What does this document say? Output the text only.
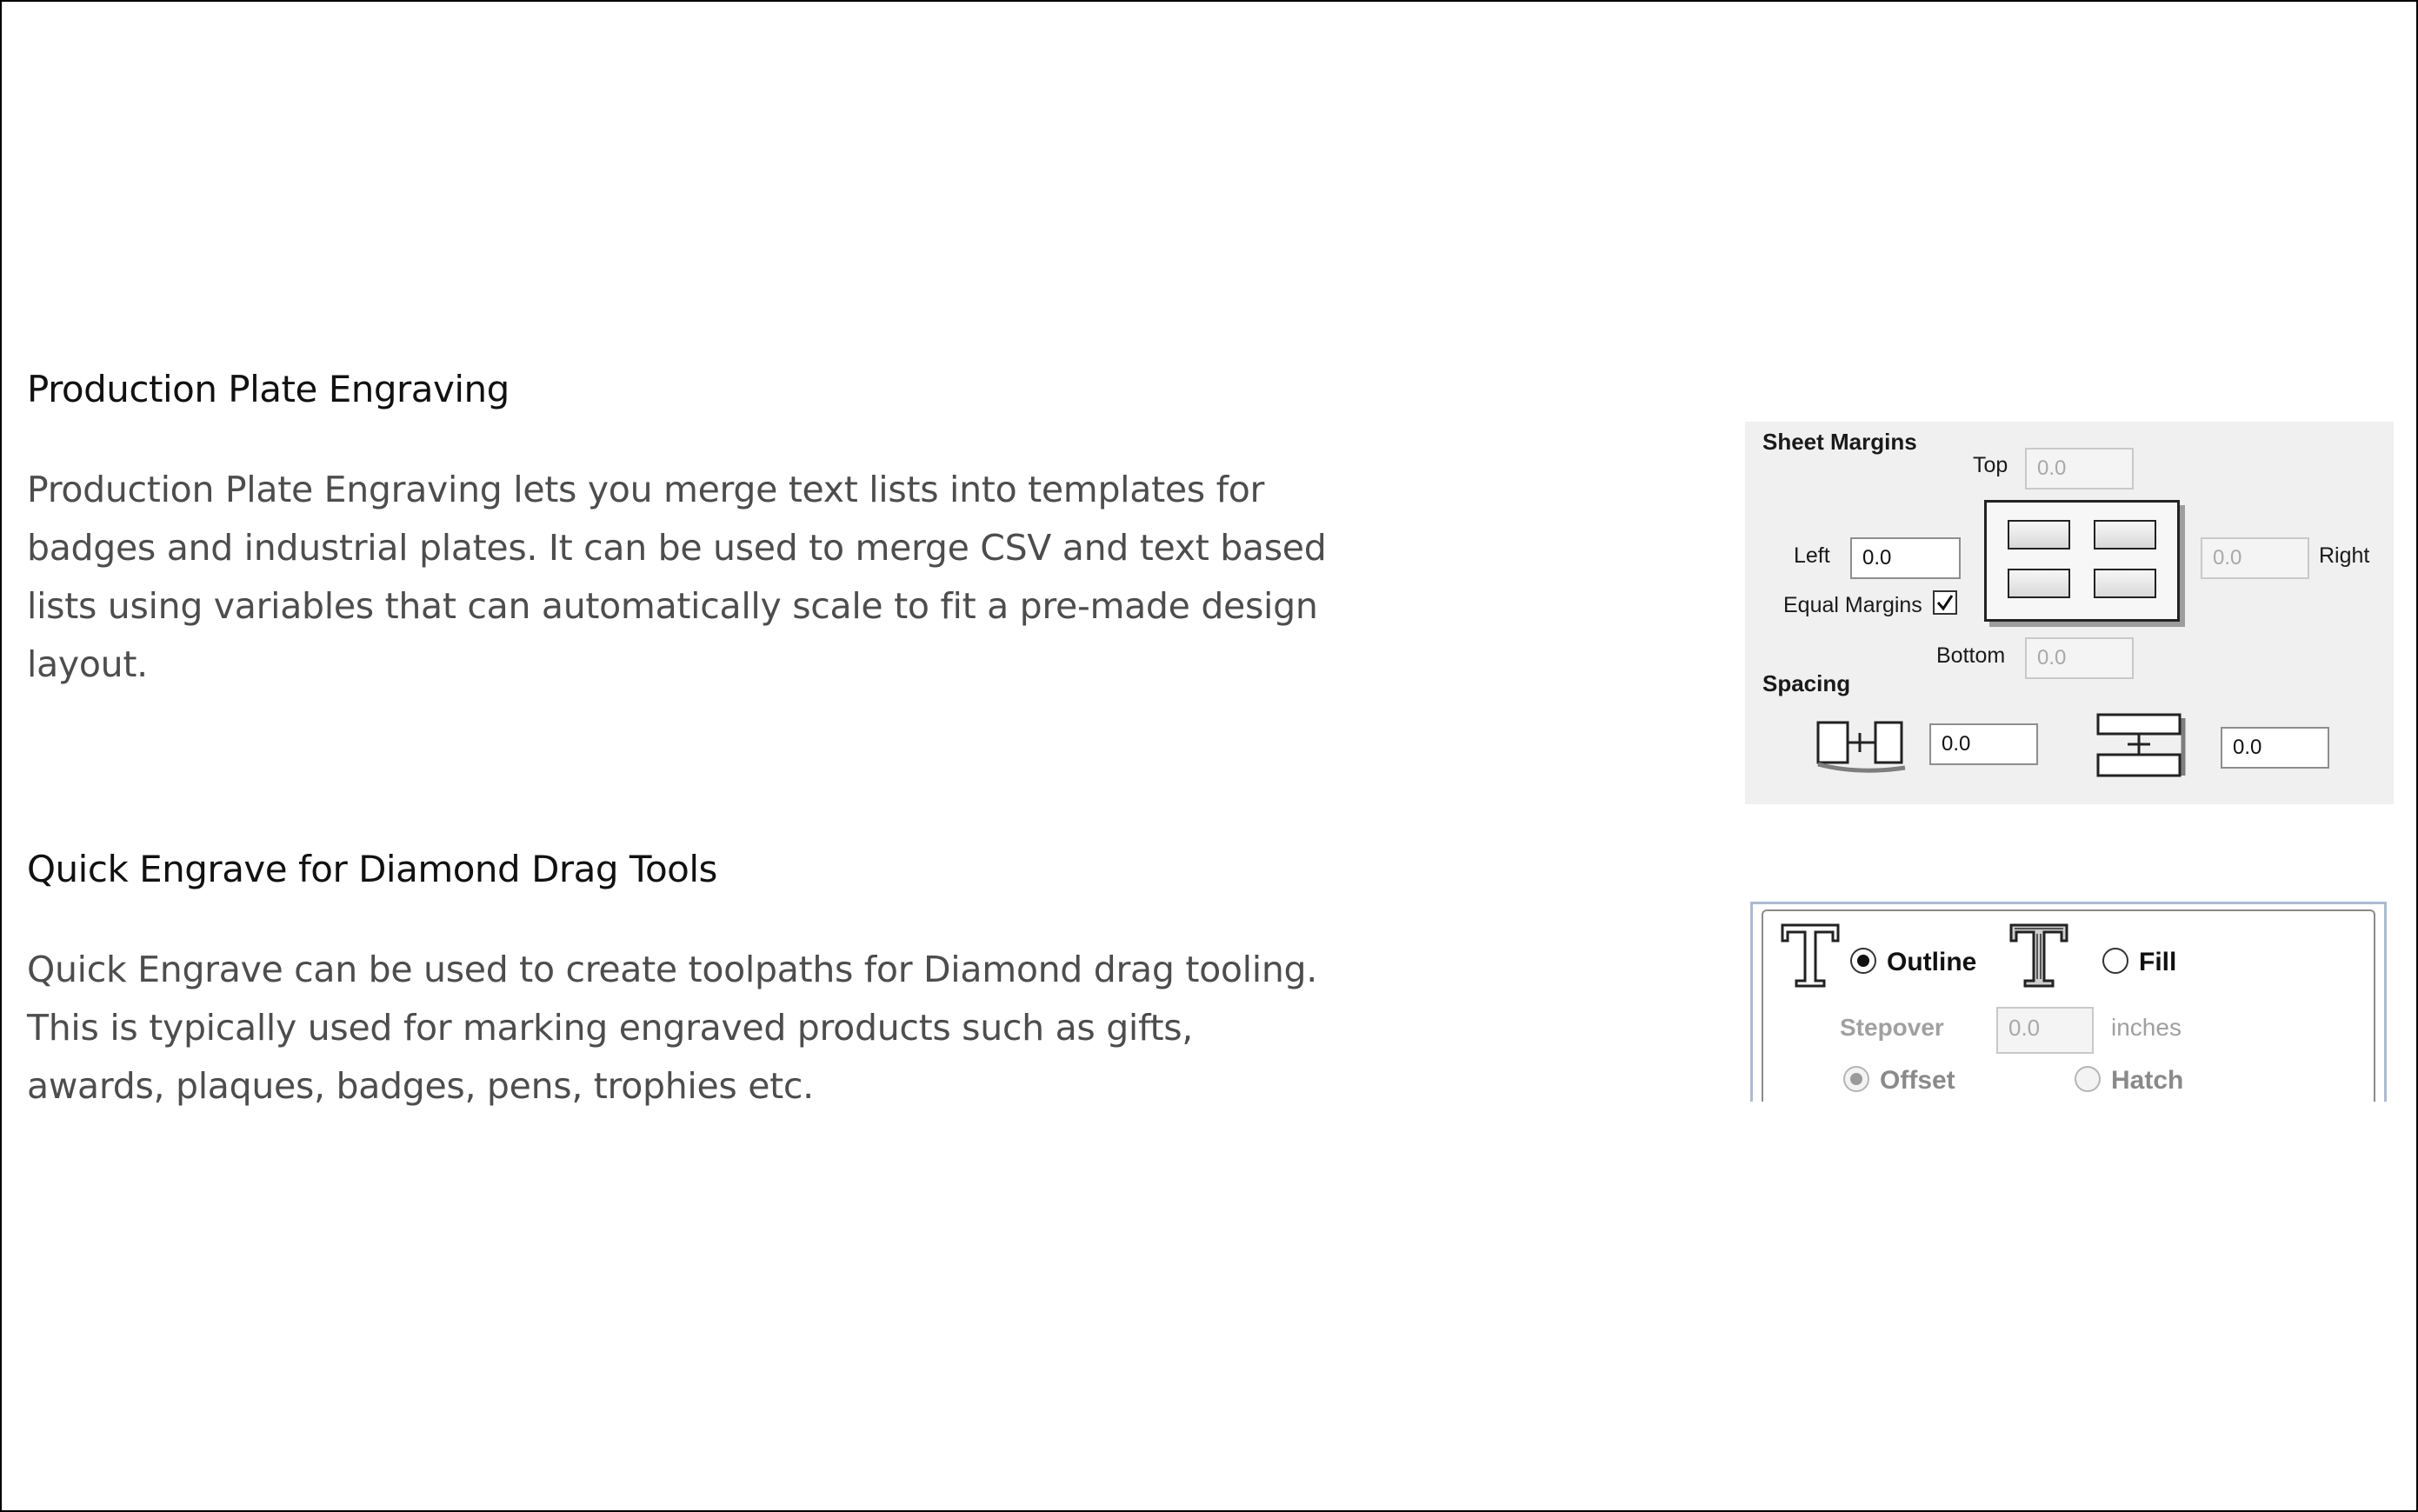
Production Plate Engraving
Production Plate Engraving lets you merge text lists into templates for
badges and industrial plates. It can be used to merge CSV and text based
lists using variables that can automatically scale to fit a pre-made design
layout.
Quick Engrave for Diamond Drag Tools
Quick Engrave can be used to create toolpaths for Diamond drag tooling.
This is typically used for marking engraved products such as gifts,
awards, plaques, badges, pens, trophies etc.
Sheet Margins
Top	0.0
Left	0.0
Equal Margins
0.0	Right
Bottom	0.0
Spacing
0.0	0.0
Outline	Fill
Stepover	0.0	inches
Offset	Hatch
